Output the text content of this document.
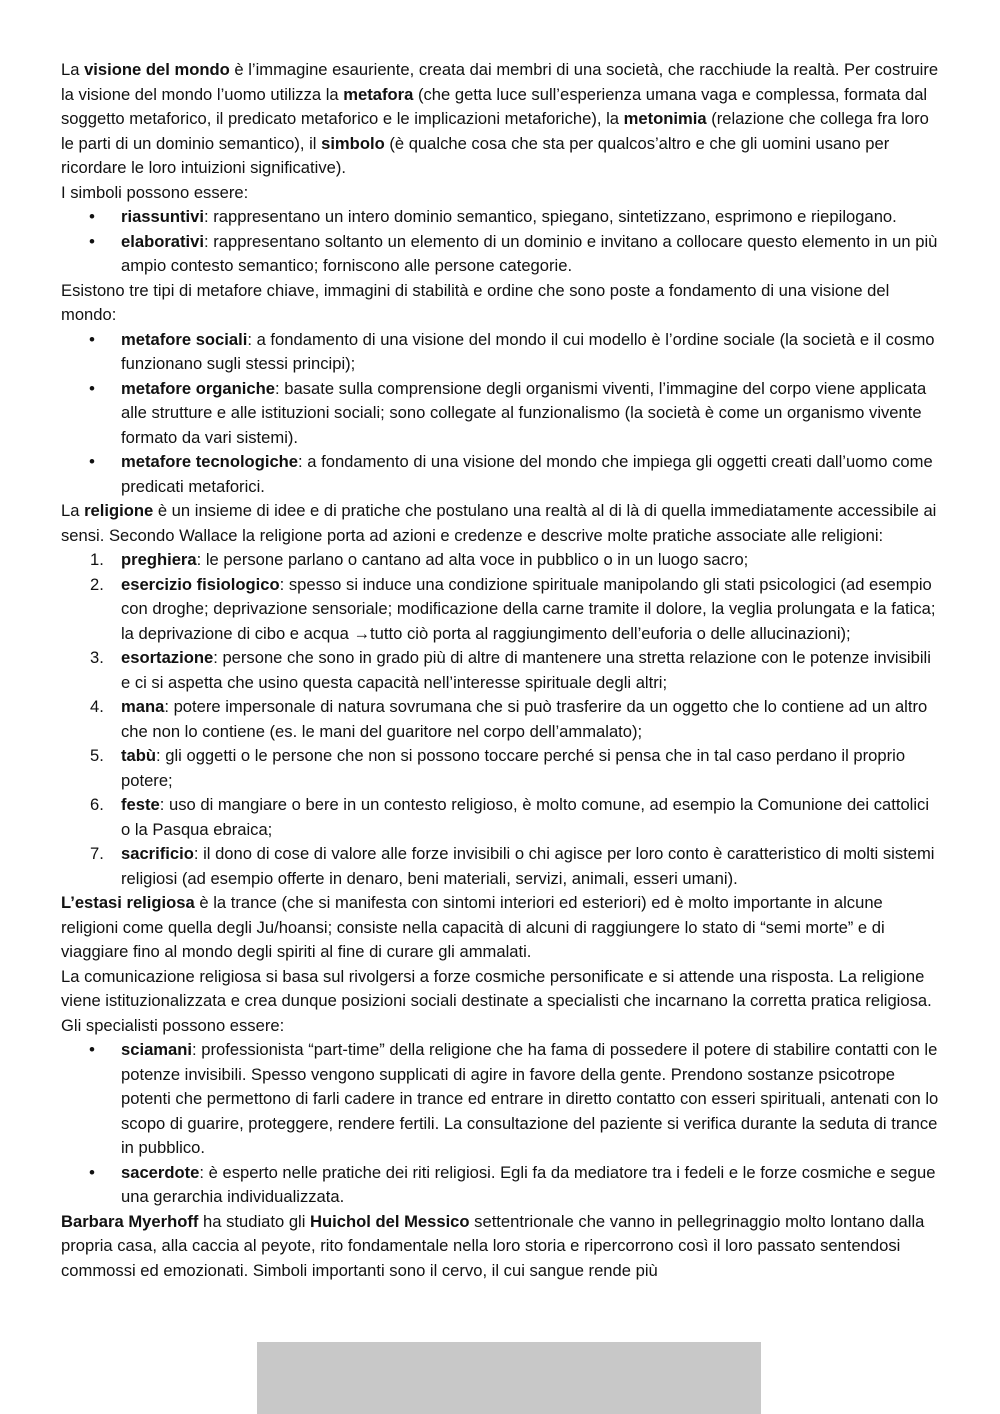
La visione del mondo è l’immagine esauriente, creata dai membri di una società, che racchiude la realtà. Per costruire la visione del mondo l’uomo utilizza la metafora (che getta luce sull’esperienza umana vaga e complessa, formata dal soggetto metaforico, il predicato metaforico e le implicazioni metaforiche), la metonimia (relazione che collega fra loro le parti di un dominio semantico), il simbolo (è qualche cosa che sta per qualcos’altro e che gli uomini usano per ricordare le loro intuizioni significative).

I simboli possono essere:

• riassuntivi: rappresentano un intero dominio semantico, spiegano, sintetizzano, esprimono e riepilogano.
• elaborativi: rappresentano soltanto un elemento di un dominio e invitano a collocare questo elemento in un più ampio contesto semantico; forniscono alle persone categorie.

Esistono tre tipi di metafore chiave, immagini di stabilità e ordine che sono poste a fondamento di una visione del mondo:

• metafore sociali: a fondamento di una visione del mondo il cui modello è l’ordine sociale (la società e il cosmo funzionano sugli stessi principi);
• metafore organiche: basate sulla comprensione degli organismi viventi, l’immagine del corpo viene applicata alle strutture e alle istituzioni sociali; sono collegate al funzionalismo (la società è come un organismo vivente formato da vari sistemi).
• metafore tecnologiche: a fondamento di una visione del mondo che impiega gli oggetti creati dall’uomo come predicati metaforici.

La religione è un insieme di idee e di pratiche che postulano una realtà al di là di quella immediatamente accessibile ai sensi. Secondo Wallace la religione porta ad azioni e credenze e descrive molte pratiche associate alle religioni:

1. preghiera: le persone parlano o cantano ad alta voce in pubblico o in un luogo sacro;
2. esercizio fisiologico: spesso si induce una condizione spirituale manipolando gli stati psicologici (ad esempio con droghe; deprivazione sensoriale; modificazione della carne tramite il dolore, la veglia prolungata e la fatica; la deprivazione di cibo e acqua →tutto ciò porta al raggiungimento dell’euforia o delle allucinazioni);
3. esortazione: persone che sono in grado più di altre di mantenere una stretta relazione con le potenze invisibili e ci si aspetta che usino questa capacità nell’interesse spirituale degli altri;
4. mana: potere impersonale di natura sovrumana che si può trasferire da un oggetto che lo contiene ad un altro che non lo contiene (es. le mani del guaritore nel corpo dell’ammalato);
5. tabù: gli oggetti o le persone che non si possono toccare perché si pensa che in tal caso perdano il proprio potere;
6. feste: uso di mangiare o bere in un contesto religioso, è molto comune, ad esempio la Comunione dei cattolici o la Pasqua ebraica;
7. sacrificio: il dono di cose di valore alle forze invisibili o chi agisce per loro conto è caratteristico di molti sistemi religiosi (ad esempio offerte in denaro, beni materiali, servizi, animali, esseri umani).

L’estasi religiosa è la trance (che si manifesta con sintomi interiori ed esteriori) ed è molto importante in alcune religioni come quella degli Ju/hoansi; consiste nella capacità di alcuni di raggiungere lo stato di “semi morte” e di viaggiare fino al mondo degli spiriti al fine di curare gli ammalati.

La comunicazione religiosa si basa sul rivolgersi a forze cosmiche personificate e si attende una risposta. La religione viene istituzionalizzata e crea dunque posizioni sociali destinate a specialisti che incarnano la corretta pratica religiosa. Gli specialisti possono essere:

• sciamani: professionista “part-time” della religione che ha fama di possedere il potere di stabilire contatti con le potenze invisibili. Spesso vengono supplicati di agire in favore della gente. Prendono sostanze psicotrope potenti che permettono di farli cadere in trance ed entrare in diretto contatto con esseri spirituali, antenati con lo scopo di guarire, proteggere, rendere fertili. La consultazione del paziente si verifica durante la seduta di trance in pubblico.
• sacerdote: è esperto nelle pratiche dei riti religiosi. Egli fa da mediatore tra i fedeli e le forze cosmiche e segue una gerarchia individualizzata.

Barbara Myerhoff ha studiato gli Huichol del Messico settentrionale che vanno in pellegrinaggio molto lontano dalla propria casa, alla caccia al peyote, rito fondamentale nella loro storia e ripercorrono così il loro passato sentendosi commossi ed emozionati. Simboli importanti sono il cervo, il cui sangue rende più
